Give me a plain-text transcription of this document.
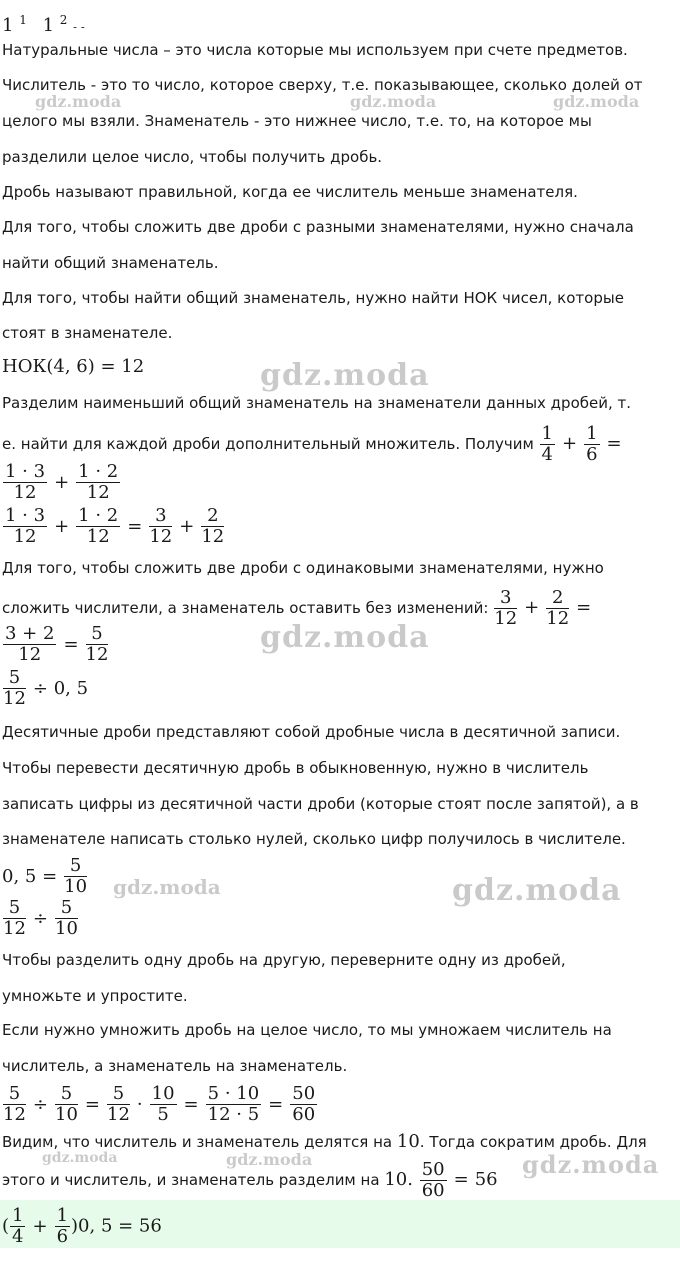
1 $^1$ 1 $^2$ ˗ ˗
Натуральные числа – это числа которые мы используем при счете предметов.
Числитель - это то число, которое сверху, т.е. показывающее, сколько долей от
целого мы взяли. Знаменатель - это нижнее число, т.е. то, на которое мы
разделили целое число, чтобы получить дробь.
Дробь называют правильной, когда ее числитель меньше знаменателя.
Для того, чтобы сложить две дроби с разными знаменателями, нужно сначала
найти общий знаменатель.
Для того, чтобы найти общий знаменатель, нужно найти НОК чисел, которые
стоят в знаменателе.
НОК(4, 6) = 12
Разделим наименьший общий знаменатель на знаменатели данных дробей, т.
е. найти для каждой дроби дополнительный множитель. Получим $\frac{1}{4} + \frac{1}{6}$ =
$\frac{1 \cdot 3}{12} + \frac{1 \cdot 2}{12}$
$\frac{1 \cdot 3}{12} + \frac{1 \cdot 2}{12} = \frac{3}{12} + \frac{2}{12}$
Для того, чтобы сложить две дроби с одинаковыми знаменателями, нужно
сложить числители, а знаменатель оставить без изменений: $\frac{3}{12} + \frac{2}{12}$ =
$\frac{3 + 2}{12} = \frac{5}{12}$
$\frac{5}{12} \div 0$, 5
Десятичные дроби представляют собой дробные числа в десятичной записи.
Чтобы перевести десятичную дробь в обыкновенную, нужно в числитель
записать цифры из десятичной части дроби (которые стоят после запятой), а в
знаменателе написать столько нулей, сколько цифр получилось в числителе.
0, $5 = \frac{5}{10}$
$\frac{5}{12} \div \frac{5}{10}$
Чтобы разделить одну дробь на другую, переверните одну из дробей,
умножьте и упростите.
Если нужно умножить дробь на целое число, то мы умножаем числитель на
числитель, а знаменатель на знаменатель.
$\frac{5}{12} \div \frac{5}{10} = \frac{5}{12} \cdot \frac{10}{5} = \frac{5 \cdot 10}{12 \cdot 5} = \frac{50}{60}$
Видим, что числитель и знаменатель делятся на 10. Тогда сократим дробь. Для
этого и числитель, и знаменатель разделим на 10. $\frac{50}{60} = 56$
( $\frac{1}{4} + \frac{1}{6} )0$, 5 = 56
gdz.moda	gdz.moda	gdz.moda
gdz.moda
gdz.moda
gdz.moda	gdz.moda
gdz.moda	gdz.moda	gdz.moda
